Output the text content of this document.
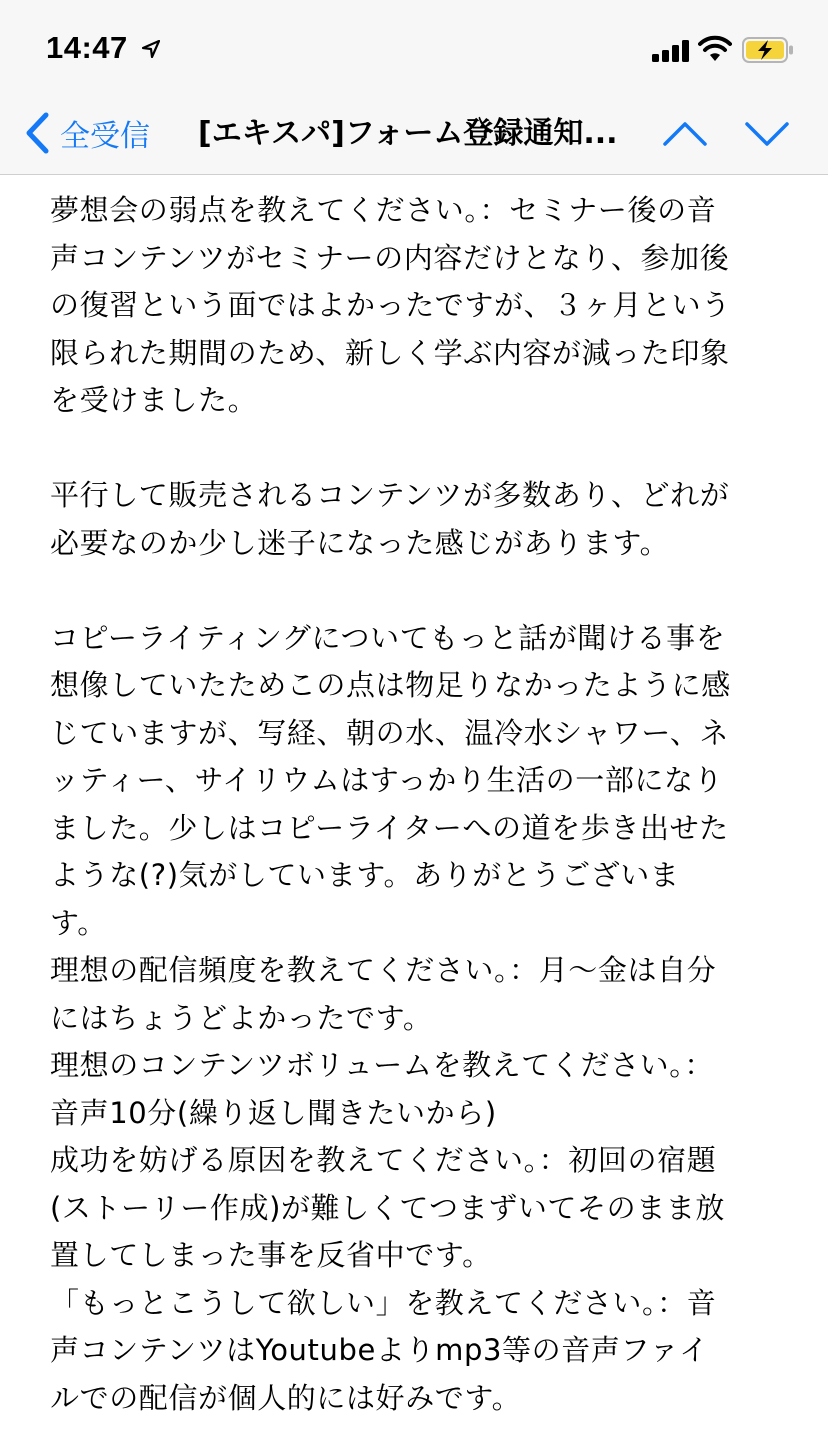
14:47
全受信 [エキスパ]フォーム登録通知...

夢想会の弱点を教えてください。：セミナー後の音

声コンテンツがセミナーの内容だけとなり、参加後

の復習という面ではよかったですが、３ヶ月という

限られた期間のため、新しく学ぶ内容が減った印象

を受けました。

平行して販売されるコンテンツが多数あり、どれが

必要なのか少し迷子になった感じがあります。

コピーライティングについてもっと話が聞ける事を

想像していたためこの点は物足りなかったように感

じていますが、写経、朝の水、温冷水シャワー、ネ

ッティー、サイリウムはすっかり生活の一部になり

ました。少しはコピーライターへの道を歩き出せた

ような(?)気がしています。ありがとうございま

す。

理想の配信頻度を教えてください。：月〜金は自分

にはちょうどよかったです。

理想のコンテンツボリュームを教えてください。：

音声10分(繰り返し聞きたいから)

成功を妨げる原因を教えてください。：初回の宿題

(ストーリー作成)が難しくてつまずいてそのまま放

置してしまった事を反省中です。

「もっとこうして欲しい」を教えてください。：音

声コンテンツはYoutubeよりmp3等の音声ファイ

ルでの配信が個人的には好みです。
